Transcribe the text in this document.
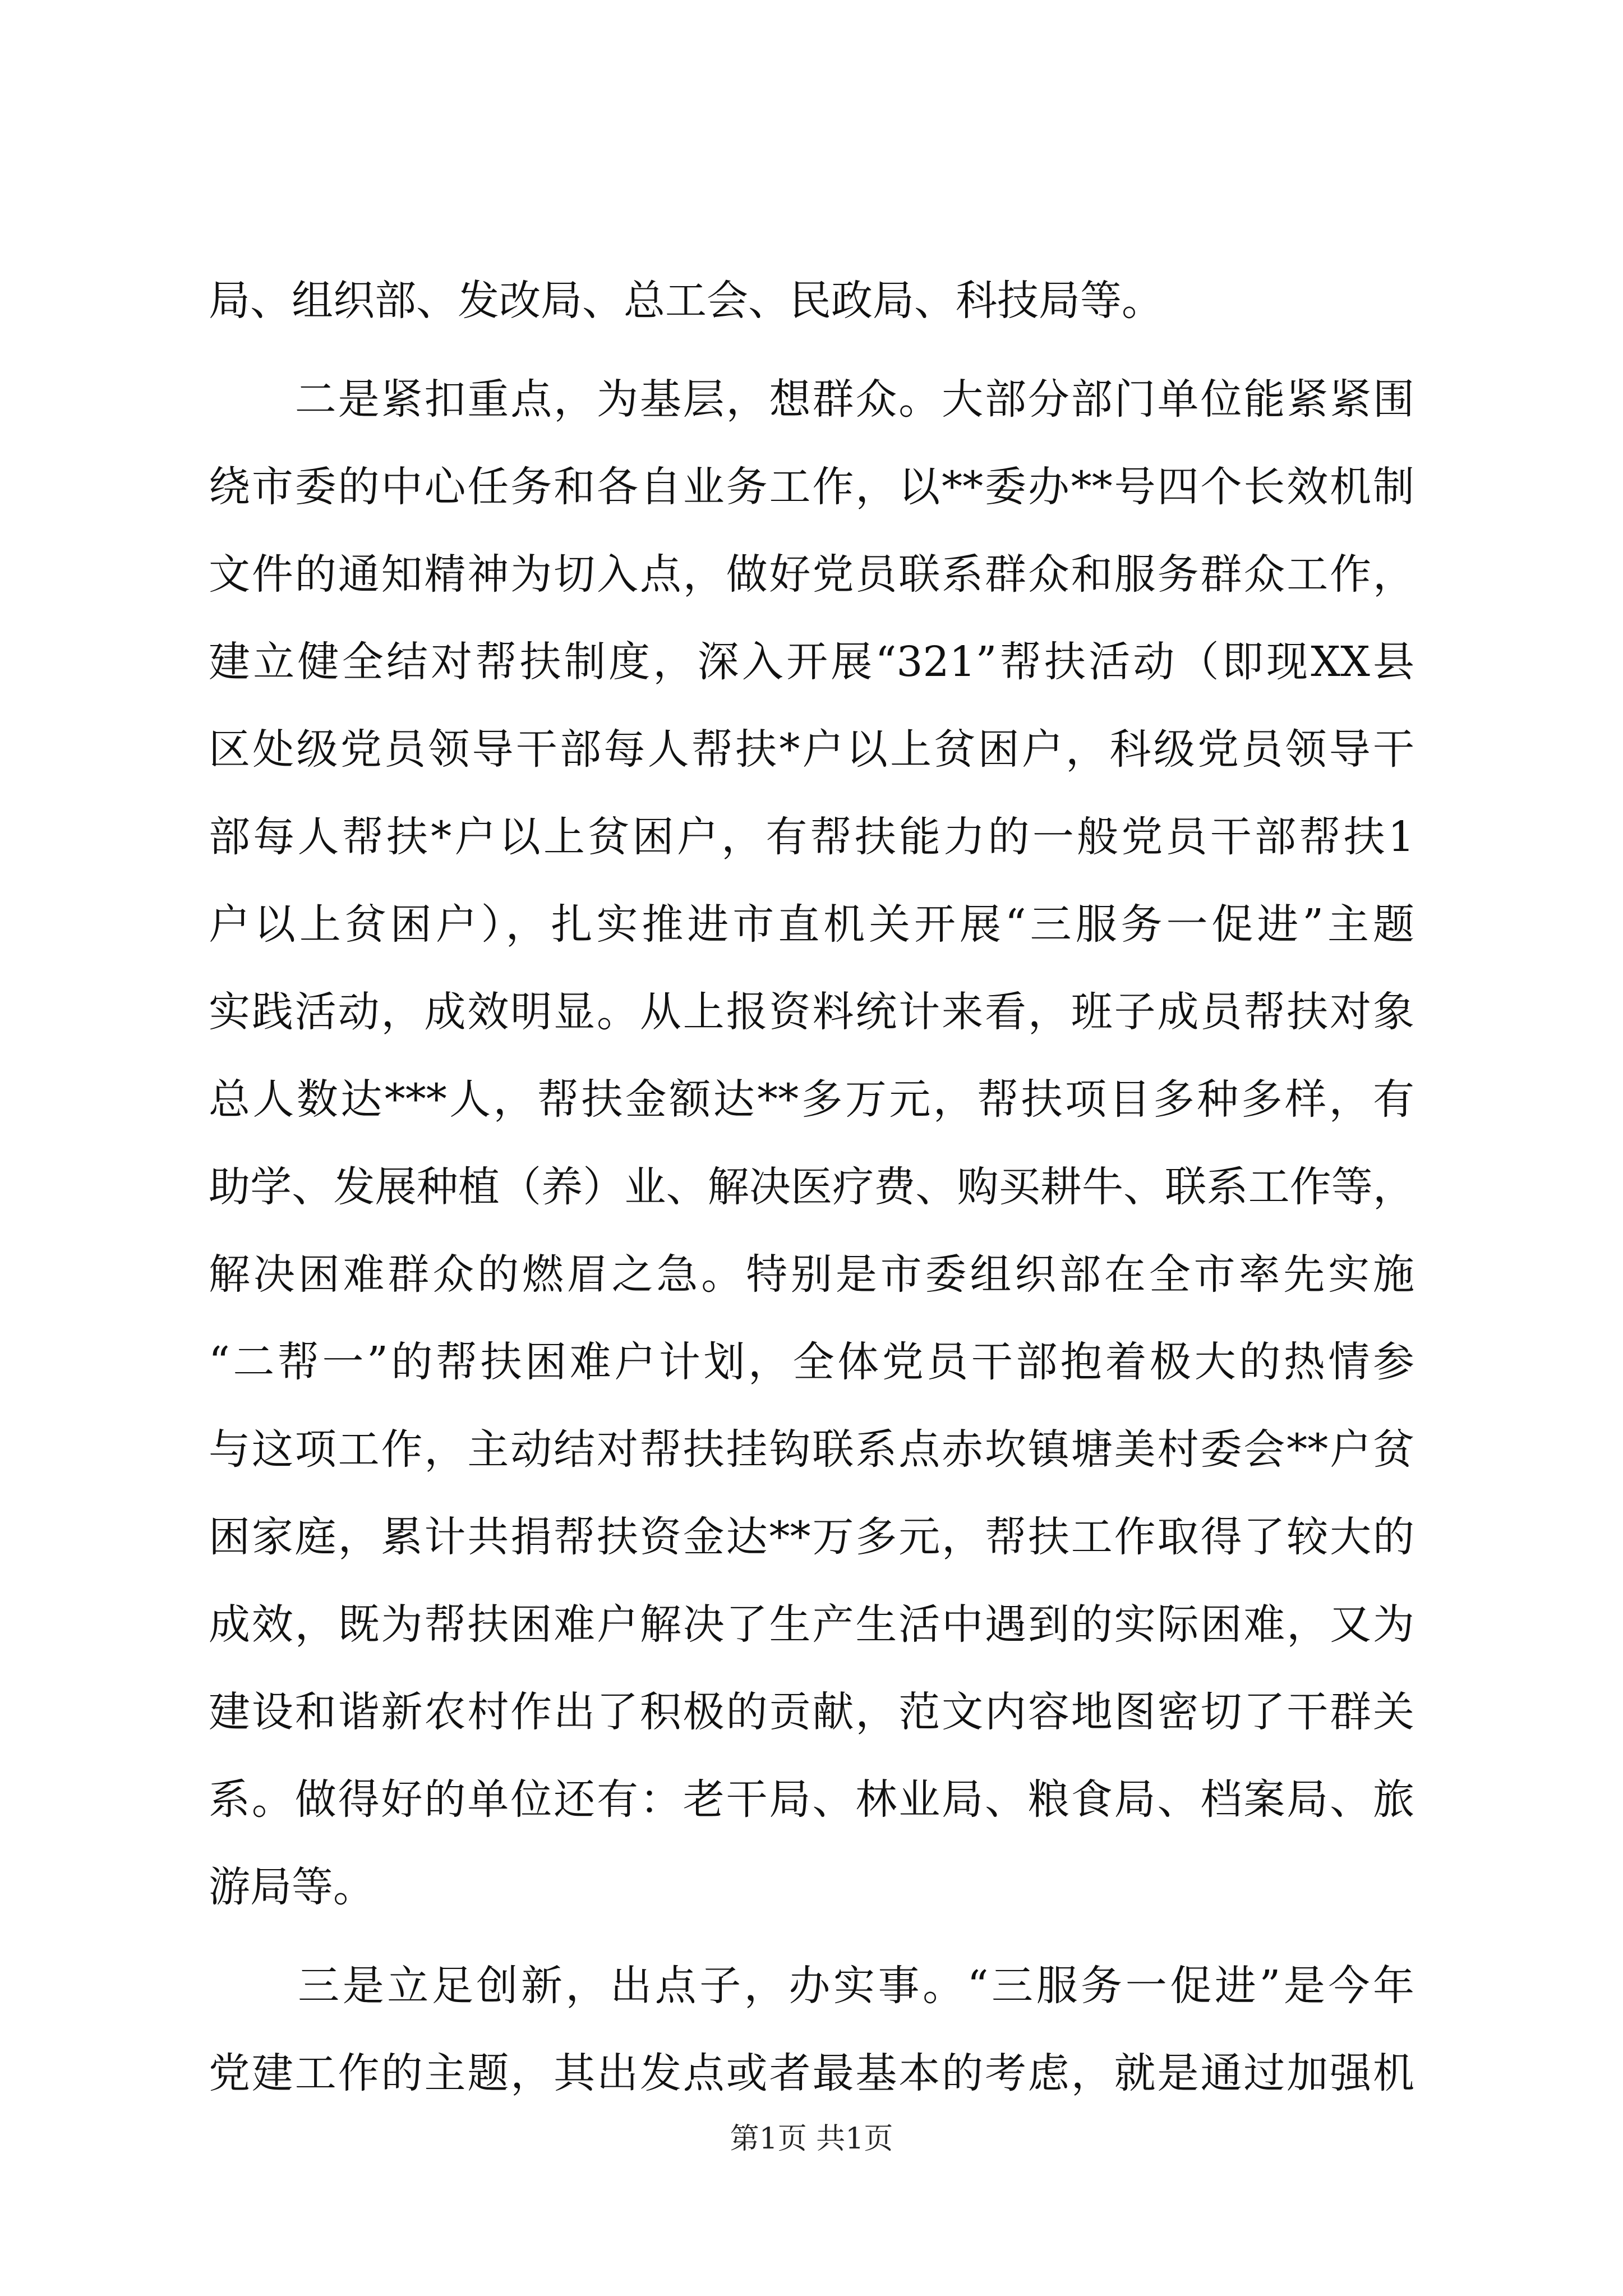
局、组织部、发改局、总工会、民政局、科技局等。
　　二是紧扣重点，为基层，想群众。大部分部门单位能紧紧围
绕市委的中心任务和各自业务工作，以**委办**号四个长效机制
文件的通知精神为切入点，做好党员联系群众和服务群众工作，
建立健全结对帮扶制度，深入开展“321”帮扶活动（即现XX县
区处级党员领导干部每人帮扶*户以上贫困户，科级党员领导干
部每人帮扶*户以上贫困户，有帮扶能力的一般党员干部帮扶1
户以上贫困户），扎实推进市直机关开展“三服务一促进”主题
实践活动，成效明显。从上报资料统计来看，班子成员帮扶对象
总人数达***人，帮扶金额达**多万元，帮扶项目多种多样，有
助学、发展种植（养）业、解决医疗费、购买耕牛、联系工作等，
解决困难群众的燃眉之急。特别是市委组织部在全市率先实施
“二帮一”的帮扶困难户计划，全体党员干部抱着极大的热情参
与这项工作，主动结对帮扶挂钩联系点赤坎镇塘美村委会**户贫
困家庭，累计共捐帮扶资金达**万多元，帮扶工作取得了较大的
成效，既为帮扶困难户解决了生产生活中遇到的实际困难，又为
建设和谐新农村作出了积极的贡献，范文内容地图密切了干群关
系。做得好的单位还有：老干局、林业局、粮食局、档案局、旅
游局等。
　　三是立足创新，出点子，办实事。“三服务一促进”是今年
党建工作的主题，其出发点或者最基本的考虑，就是通过加强机
第1页 共1页
